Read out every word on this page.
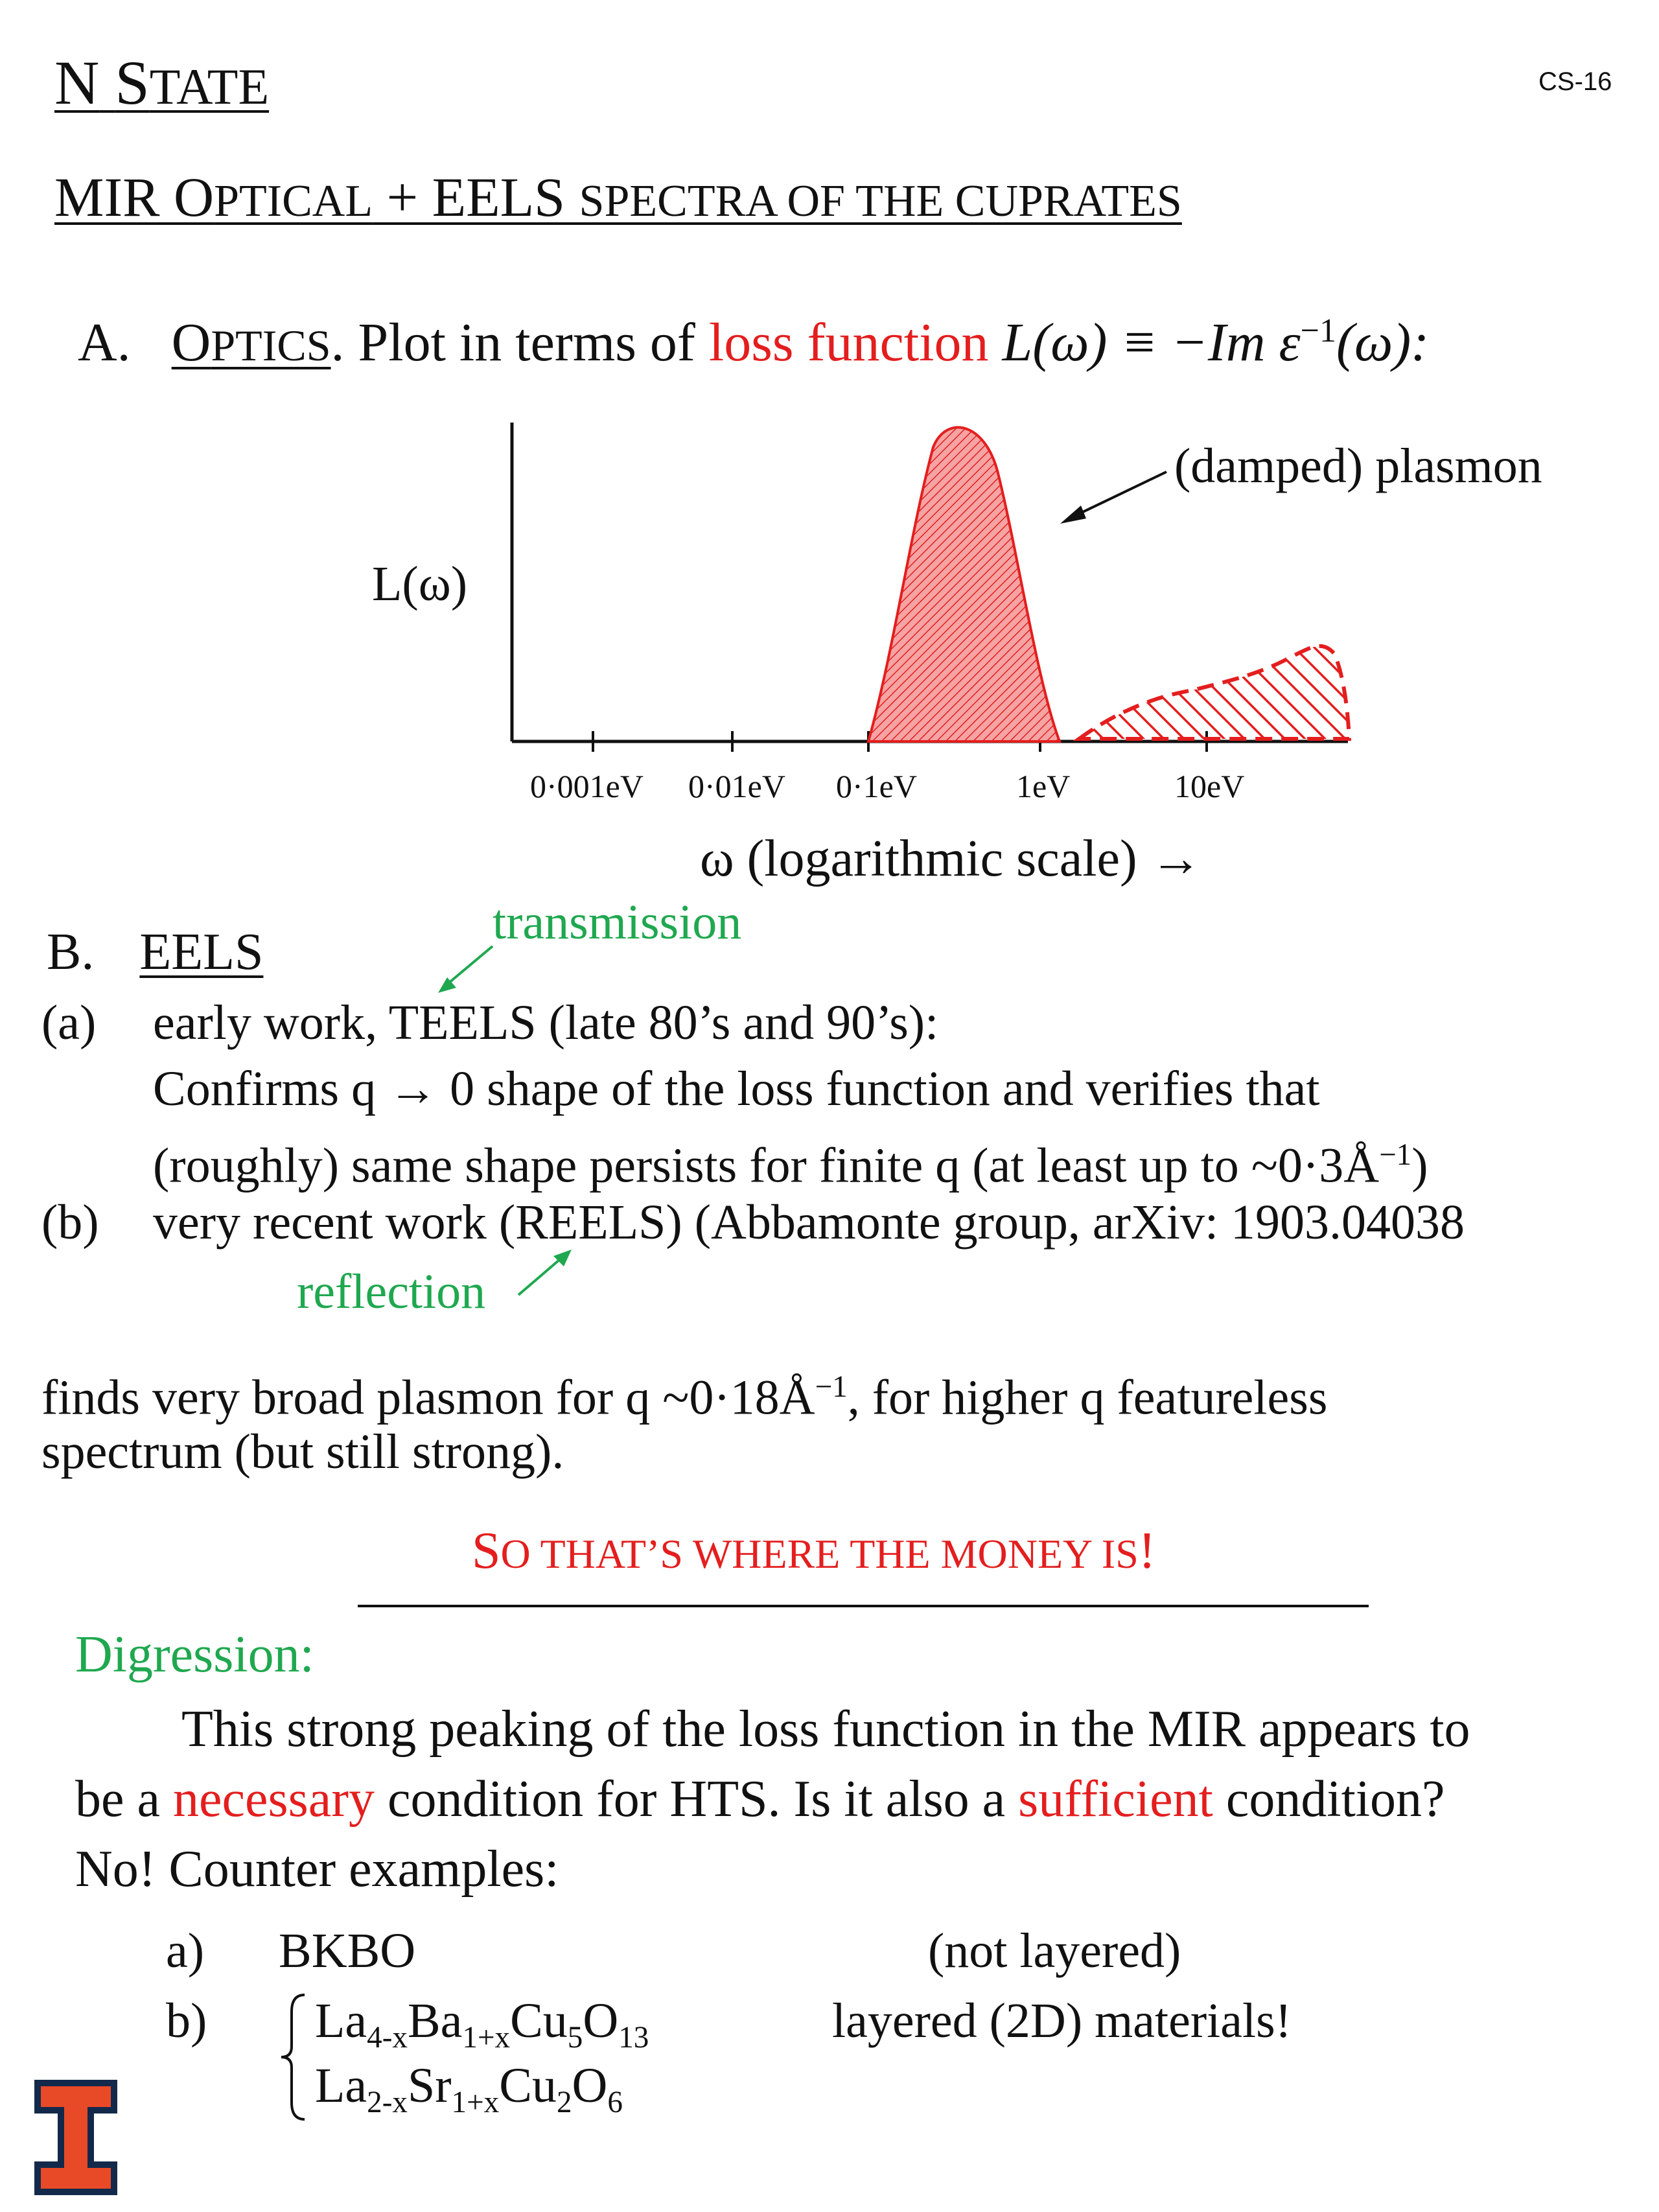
N STATE	CS-16
MIR OPTICAL + EELS SPECTRA OF THE CUPRATES
A. OPTICS. Plot in terms of loss function L(ω) ≡ −Im $\varepsilon^{-1}(\omega)$:
L(ω)
(damped) plasmon
0·001eV 0·01eV 0·1eV	1eV	10eV
ω (logarithmic scale) →
transmission
B. EELS
(a) early work, TEELS (late 80’s and 90’s):
Confirms q → 0 shape of the loss function and verifies that
(roughly) same shape persists for finite q (at least up to $\sim 0\cdot 3Å^{-1}$)
(b) very recent work (REELS) (Abbamonte group, arXiv: 1903.04038
reflection
finds very broad plasmon for q $\sim 0\cdot 18Å^{-1}$, for higher q featureless
spectrum (but still strong).
SO THAT’S WHERE THE MONEY IS!
Digression:
This strong peaking of the loss function in the MIR appears to
be a necessary condition for HTS. Is it also a sufficient condition?
No! Counter examples:
a) BKBO	(not layered)
b) $La_{4-x}Ba_{1+x}Cu_5O_{13}$
$La_{2-x}Sr_{1+x}Cu_2O_6$
layered (2D) materials!
